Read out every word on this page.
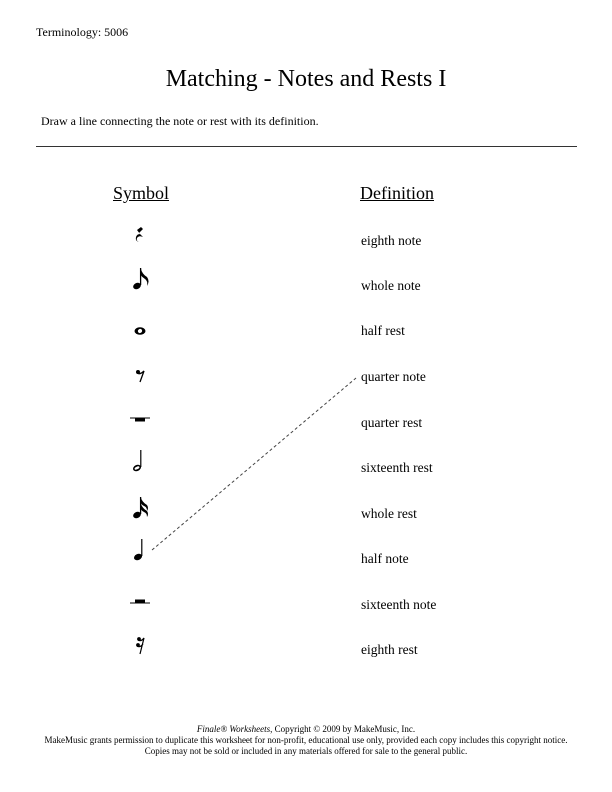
Terminology: 5006
Matching - Notes and Rests I
Draw a line connecting the note or rest with its definition.
Symbol	Definition
eighth note
whole note
half rest
quarter note
quarter rest
sixteenth rest
whole rest
half note
sixteenth note
eighth rest
Finale® Worksheets, Copyright © 2009 by MakeMusic, Inc.
MakeMusic grants permission to duplicate this worksheet for non-profit, educational use only, provided each copy includes this copyright notice.
Copies may not be sold or included in any materials offered for sale to the general public.
